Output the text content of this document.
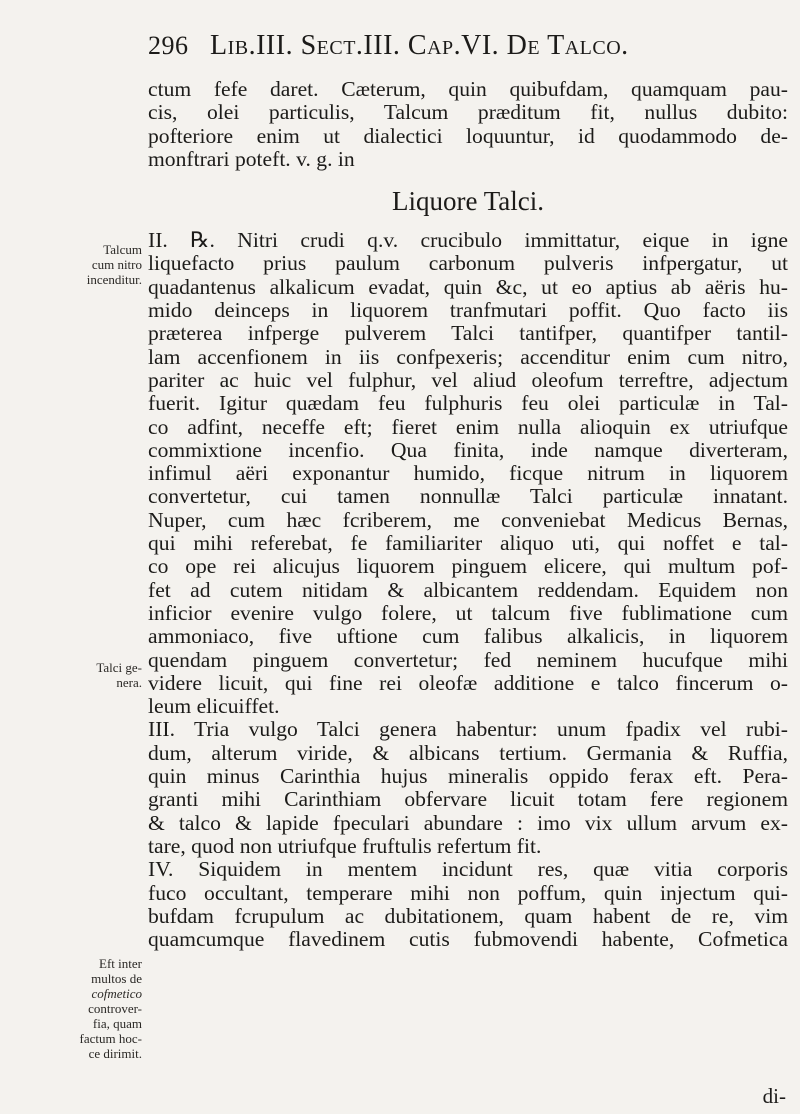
296 Lib.III. Sect.III. Cap.VI. De Talco.
ctum fefe daret. Cæterum, quin quibufdam, quamquam pau-
cis, olei particulis, Talcum præditum fit, nullus dubito:
pofteriore enim ut dialectici loquuntur, id quodammodo de-
monftrari poteft. v. g. in
Liquore Talci.
II. ℞. Nitri crudi q.v. crucibulo immittatur, eique in igne
liquefacto prius paulum carbonum pulveris infpergatur, ut
quadantenus alkalicum evadat, quin &c, ut eo aptius ab aëris hu-
mido deinceps in liquorem tranfmutari poffit. Quo facto iis
præterea infperge pulverem Talci tantifper, quantifper tantil-
lam accenfionem in iis confpexeris; accenditur enim cum nitro,
pariter ac huic vel fulphur, vel aliud oleofum terreftre, adjectum
fuerit. Igitur quædam feu fulphuris feu olei particulæ in Tal-
co adfint, neceffe eft; fieret enim nulla alioquin ex utriufque
commixtione incenfio. Qua finita, inde namque diverteram,
infimul aëri exponantur humido, ficque nitrum in liquorem
convertetur, cui tamen nonnullæ Talci particulæ innatant.
Nuper, cum hæc fcriberem, me conveniebat Medicus Bernas,
qui mihi referebat, fe familiariter aliquo uti, qui noffet e tal-
co ope rei alicujus liquorem pinguem elicere, qui multum pof-
fet ad cutem nitidam & albicantem reddendam. Equidem non
inficior evenire vulgo folere, ut talcum five fublimatione cum
ammoniaco, five uftione cum falibus alkalicis, in liquorem
quendam pinguem convertetur; fed neminem hucufque mihi
videre licuit, qui fine rei oleofæ additione e talco fincerum o-
leum elicuiffet.
III. Tria vulgo Talci genera habentur: unum fpadix vel rubi-
dum, alterum viride, & albicans tertium. Germania & Ruffia,
quin minus Carinthia hujus mineralis oppido ferax eft. Pera-
granti mihi Carinthiam obfervare licuit totam fere regionem
& talco & lapide fpeculari abundare : imo vix ullum arvum ex-
tare, quod non utriufque fruftulis refertum fit.
IV. Siquidem in mentem incidunt res, quæ vitia corporis
fuco occultant, temperare mihi non poffum, quin injectum qui-
bufdam fcrupulum ac dubitationem, quam habent de re, vim
quamcumque flavedinem cutis fubmovendi habente, Cofmetica
di-
Talcum
cum nitro
incenditur.
Talci ge-
nera.
Eft inter
multos de
cofmetico
controver-
fia, quam
factum hoc-
ce dirimit.
